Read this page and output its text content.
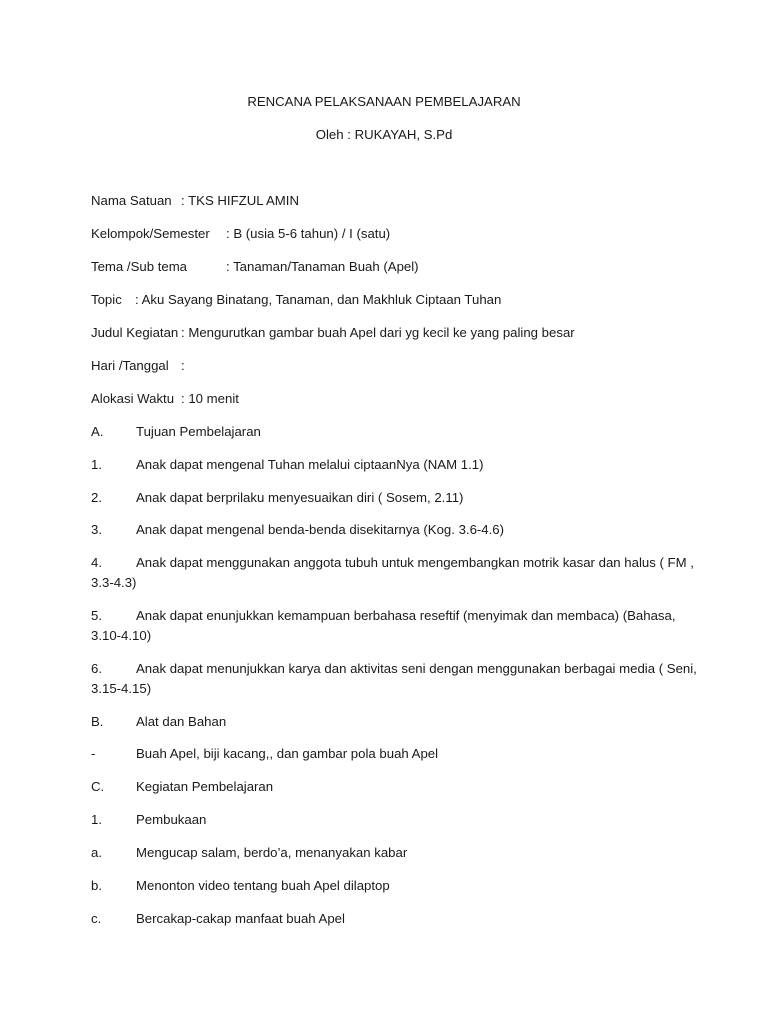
RENCANA PELAKSANAAN PEMBELAJARAN
Oleh : RUKAYAH, S.Pd
Nama Satuan : TKS HIFZUL AMIN
Kelompok/Semester : B (usia 5-6 tahun) / I (satu)
Tema /Sub tema	: Tanaman/Tanaman Buah (Apel)
Topic : Aku Sayang Binatang, Tanaman, dan Makhluk Ciptaan Tuhan
Judul Kegiatan : Mengurutkan gambar buah Apel dari yg kecil ke yang paling besar
Hari /Tanggal :
Alokasi Waktu : 10 menit
A. Tujuan Pembelajaran
1.	Anak dapat mengenal Tuhan melalui ciptaanNya (NAM 1.1)
2.	Anak dapat berprilaku menyesuaikan diri ( Sosem, 2.11)
3.	Anak dapat mengenal benda-benda disekitarnya (Kog. 3.6-4.6)
4.	Anak dapat menggunakan anggota tubuh untuk mengembangkan motrik kasar dan halus ( FM ,
3.3-4.3)
5.	Anak dapat enunjukkan kemampuan berbahasa reseftif (menyimak dan membaca) (Bahasa,
3.10-4.10)
6.	Anak dapat menunjukkan karya dan aktivitas seni dengan menggunakan berbagai media ( Seni,
3.15-4.15)
B. Alat dan Bahan
-	Buah Apel, biji kacang,, dan gambar pola buah Apel
C. Kegiatan Pembelajaran
1.	Pembukaan
a.	Mengucap salam, berdo’a, menanyakan kabar
b.	Menonton video tentang buah Apel dilaptop
c.	Bercakap-cakap manfaat buah Apel
